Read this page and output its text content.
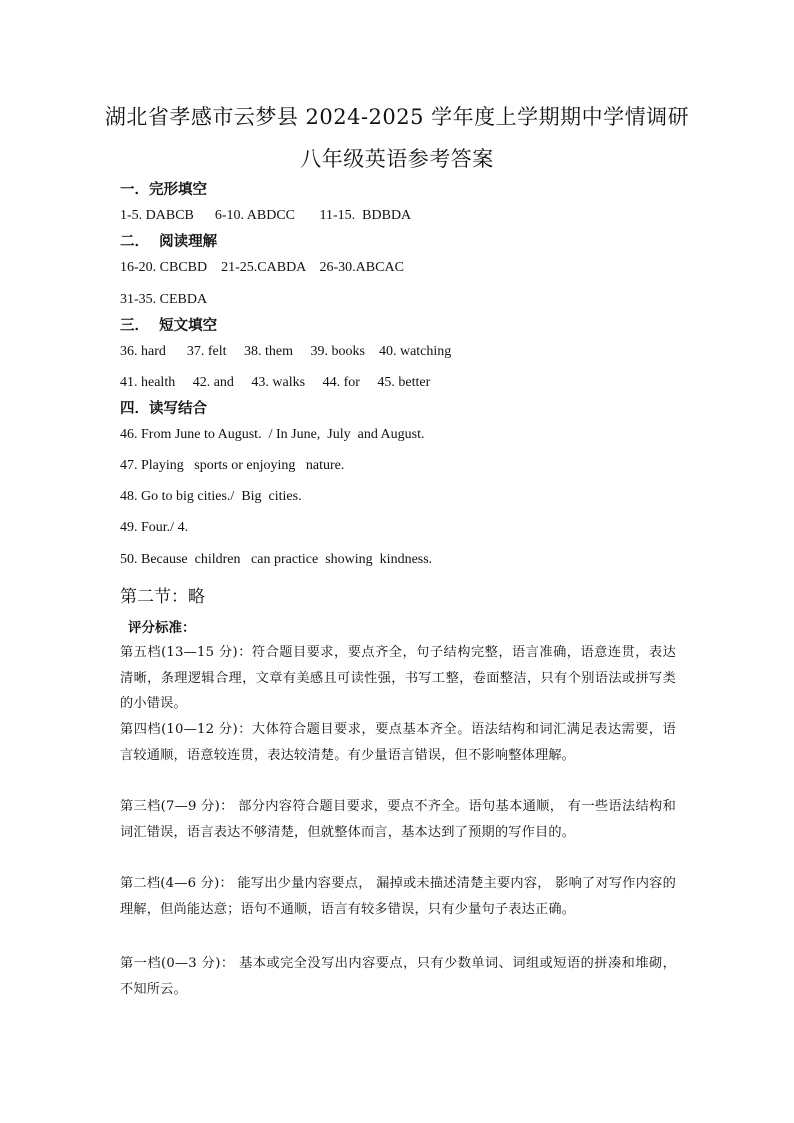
湖北省孝感市云梦县 2024-2025 学年度上学期期中学情调研
八年级英语参考答案
一．完形填空
1-5. DABCB      6-10. ABDCC       11-15.  BDBDA
二．  阅读理解
16-20. CBCBD    21-25.CABDA    26-30.ABCAC
31-35. CEBDA
三．  短文填空
36. hard      37. felt     38. them     39. books    40. watching
41. health     42. and     43. walks     44. for     45. better
四．读写结合
46. From June to August.  / In June,  July  and August.
47. Playing   sports or enjoying   nature.
48. Go to big cities./  Big  cities.
49. Four./ 4.
50. Because  children   can practice  showing  kindness.
第二节：略
评分标准：
第五档(13—15 分)：符合题目要求，要点齐全，句子结构完整，语言准确，语意连贯，表达清晰，条理逻辑合理，文章有美感且可读性强，书写工整，卷面整洁，只有个别语法或拼写类的小错误。
第四档(10—12 分)：大体符合题目要求，要点基本齐全。语法结构和词汇满足表达需要，语言较通顺，语意较连贯，表达较清楚。有少量语言错误，但不影响整体理解。
第三档(7—9 分)： 部分内容符合题目要求，要点不齐全。语句基本通顺， 有一些语法结构和词汇错误，语言表达不够清楚，但就整体而言，基本达到了预期的写作目的。
第二档(4—6 分)： 能写出少量内容要点， 漏掉或未描述清楚主要内容， 影响了对写作内容的理解，但尚能达意；语句不通顺，语言有较多错误，只有少量句子表达正确。
第一档(0—3 分)： 基本或完全没写出内容要点，只有少数单词、词组或短语的拼凑和堆砌，不知所云。
